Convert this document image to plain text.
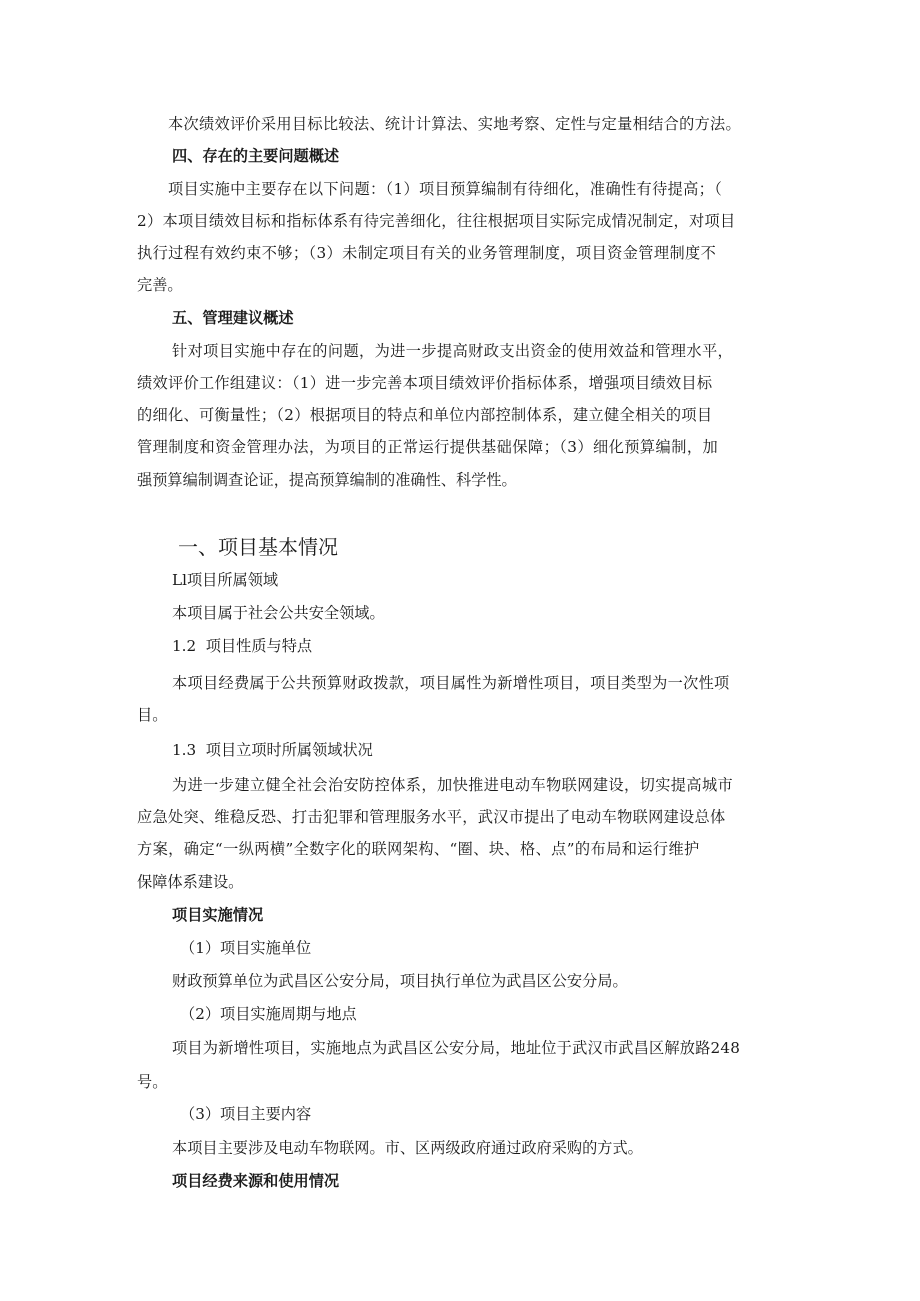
本次绩效评价采用目标比较法、统计计算法、实地考察、定性与定量相结合的方法。

四、存在的主要问题概述

项目实施中主要存在以下问题：（1）项目预算编制有待细化，准确性有待提高；（

2）本项目绩效目标和指标体系有待完善细化，往往根据项目实际完成情况制定，对项目

执行过程有效约束不够；（3）未制定项目有关的业务管理制度，项目资金管理制度不

完善。

五、管理建议概述

针对项目实施中存在的问题，为进一步提高财政支出资金的使用效益和管理水平，

绩效评价工作组建议：（1）进一步完善本项目绩效评价指标体系，增强项目绩效目标

的细化、可衡量性；（2）根据项目的特点和单位内部控制体系，建立健全相关的项目

管理制度和资金管理办法，为项目的正常运行提供基础保障；（3）细化预算编制，加

强预算编制调查论证，提高预算编制的准确性、科学性。

一、项目基本情况

Ll项目所属领域

本项目属于社会公共安全领域。

1.2  项目性质与特点

本项目经费属于公共预算财政拨款，项目属性为新增性项目，项目类型为一次性项

目。

1.3  项目立项时所属领域状况

为进一步建立健全社会治安防控体系，加快推进电动车物联网建设，切实提高城市

应急处突、维稳反恐、打击犯罪和管理服务水平，武汉市提出了电动车物联网建设总体

方案，确定“一纵两横”全数字化的联网架构、“圈、块、格、点”的布局和运行维护

保障体系建设。

项目实施情况

（1）项目实施单位

财政预算单位为武昌区公安分局，项目执行单位为武昌区公安分局。

（2）项目实施周期与地点

项目为新增性项目，实施地点为武昌区公安分局，地址位于武汉市武昌区解放路248

号。

（3）项目主要内容

本项目主要涉及电动车物联网。市、区两级政府通过政府采购的方式。

项目经费来源和使用情况
